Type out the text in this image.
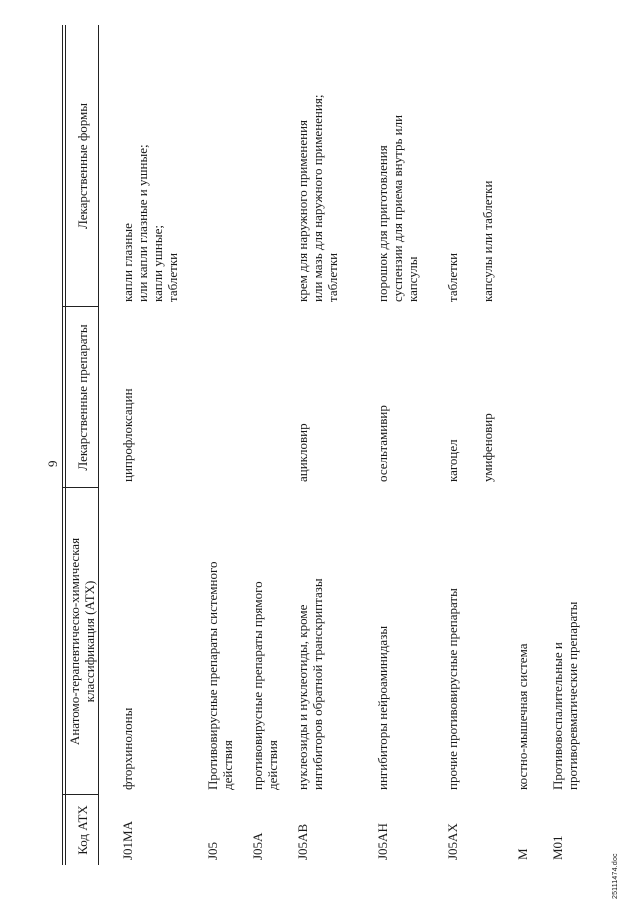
9
25111474.doc
Код АТХ
Анатомо-терапевтическо-химическая классификация (АТХ)
Лекарственные препараты
Лекарственные формы
J01MA
фторхинолоны
ципрофлоксацин
капли глазные или капли глазные и ушные; капли ушные; таблетки
J05
Противовирусные препараты системного действия
J05A
противовирусные препараты прямого действия
J05AB
нуклеозиды и нуклеотиды, кроме ингибиторов обратной транскриптазы
ацикловир
крем для наружного применения или мазь для наружного применения; таблетки
J05AH
ингибиторы нейроаминидазы
осельтамивир
порошок для приготовления суспензии для приема внутрь или капсулы
J05AX
прочие противовирусные препараты
кагоцел
таблетки
умифеновир
капсулы или таблетки
M
костно-мышечная система
M01
Противовоспалительные и противоревматические препараты
